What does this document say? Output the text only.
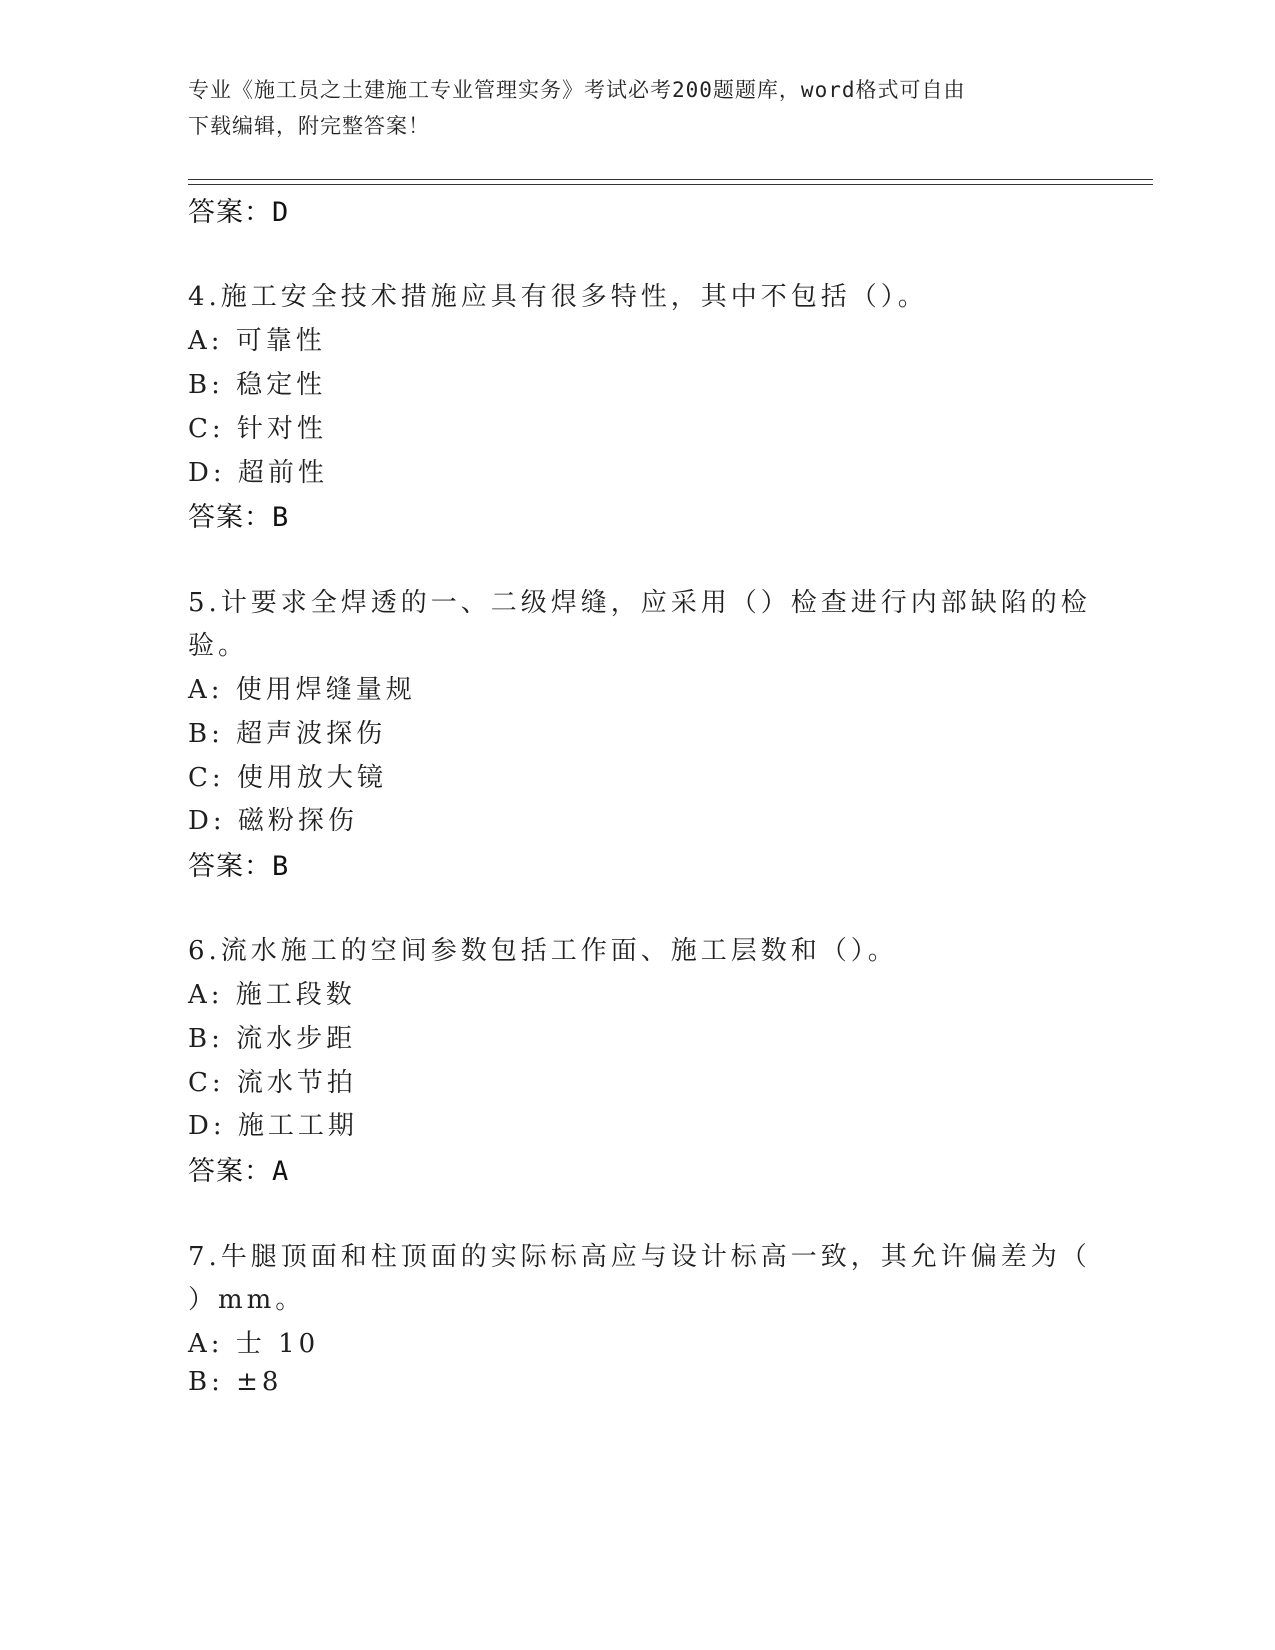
专业《施工员之土建施工专业管理实务》考试必考200题题库，word格式可自由
下载编辑，附完整答案！
答案：D
4.施工安全技术措施应具有很多特性，其中不包括（）。
A: 可靠性
B: 稳定性
C: 针对性
D: 超前性
答案：B
5.计要求全焊透的一、二级焊缝，应采用（）检查进行内部缺陷的检
验。
A: 使用焊缝量规
B: 超声波探伤
C: 使用放大镜
D: 磁粉探伤
答案：B
6.流水施工的空间参数包括工作面、施工层数和（）。
A: 施工段数
B: 流水步距
C: 流水节拍
D: 施工工期
答案：A
7.牛腿顶面和柱顶面的实际标高应与设计标高一致，其允许偏差为（
）mm。
A: 士 10
B: ±8
